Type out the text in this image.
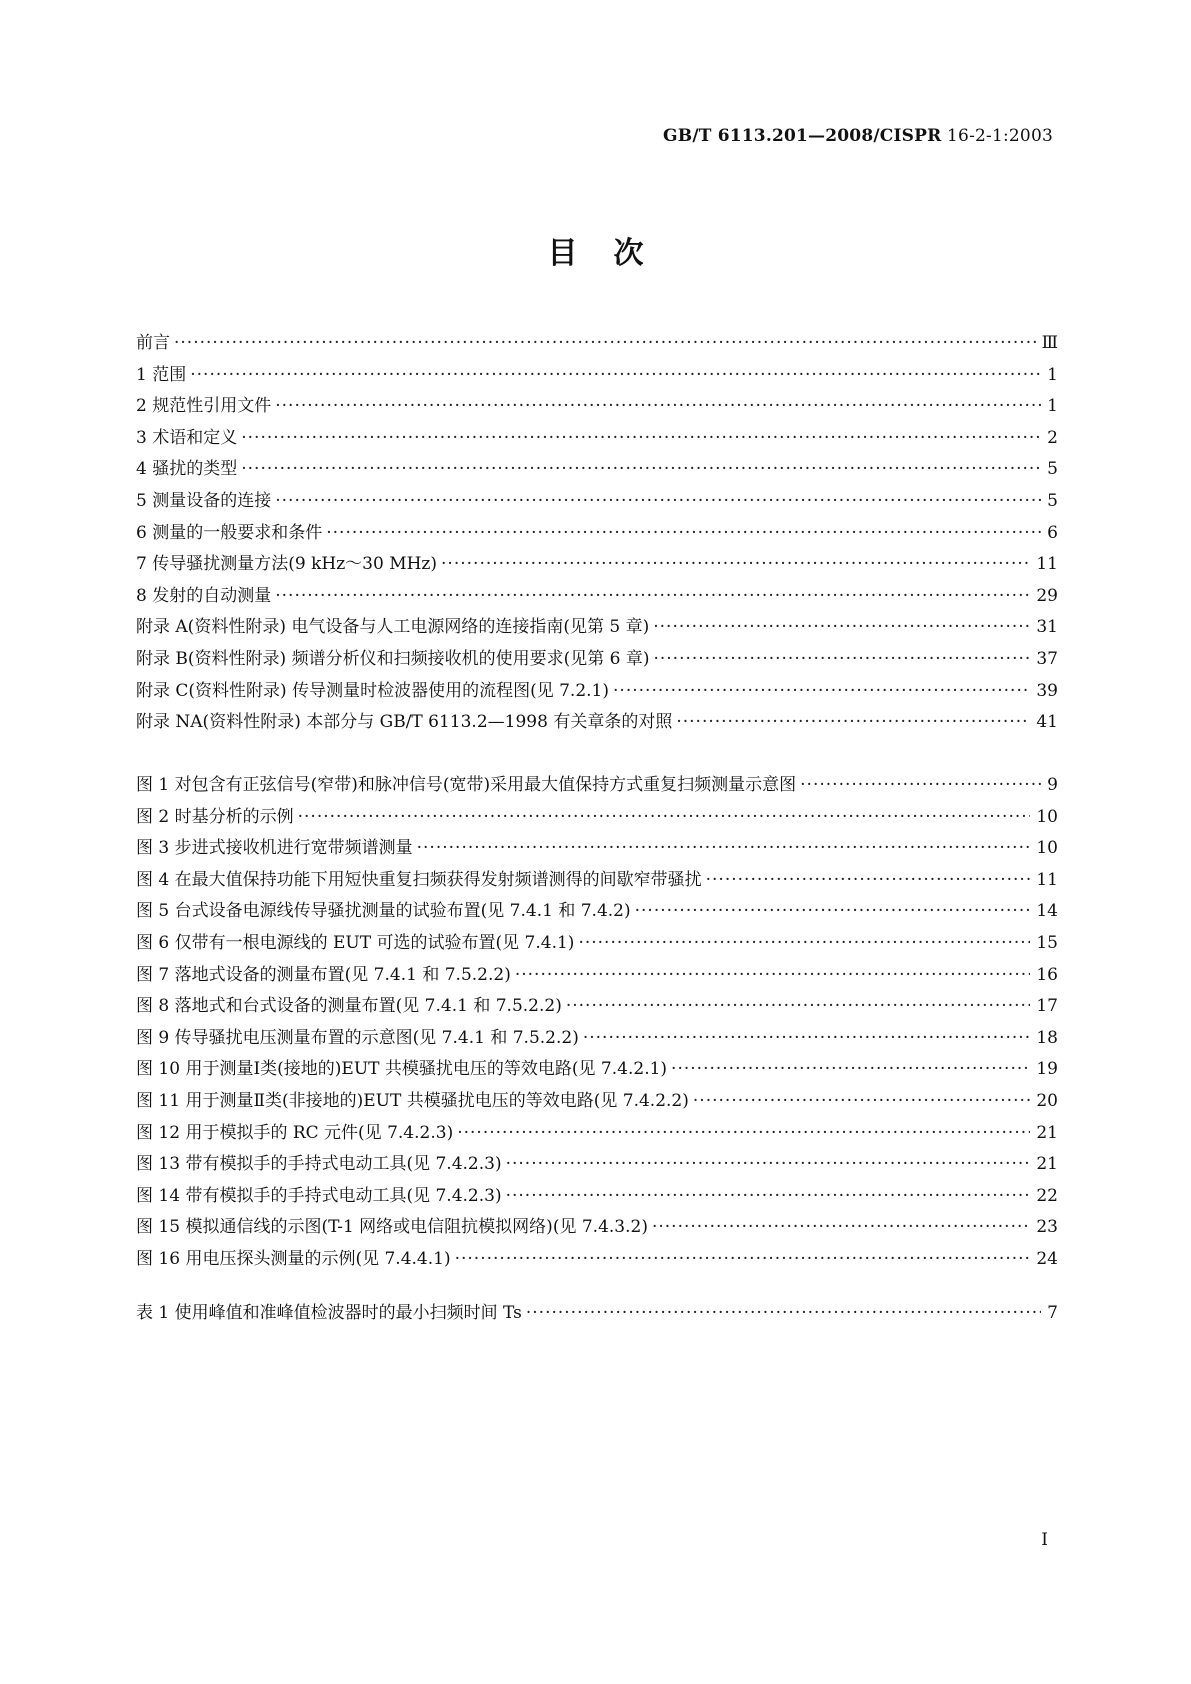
GB/T 6113.201—2008/CISPR 16-2-1:2003
目次
前言 ·····	Ⅲ
1 范围 ·····	1
2 规范性引用文件 ·····	1
3 术语和定义 ·····	2
4 骚扰的类型 ·····	5
5 测量设备的连接 ·····	5
6 测量的一般要求和条件 ·····	6
7 传导骚扰测量方法(9 kHz～30 MHz) ·····	11
8 发射的自动测量 ·····	29
附录 A(资料性附录) 电气设备与人工电源网络的连接指南(见第 5 章) ·····	31
附录 B(资料性附录) 频谱分析仪和扫频接收机的使用要求(见第 6 章) ·····	37
附录 C(资料性附录) 传导测量时检波器使用的流程图(见 7.2.1) ·····	39
附录 NA(资料性附录) 本部分与 GB/T 6113.2—1998 有关章条的对照 ·····	41
图 1 对包含有正弦信号(窄带)和脉冲信号(宽带)采用最大值保持方式重复扫频测量示意图 ·····	9
图 2 时基分析的示例 ·····	10
图 3 步进式接收机进行宽带频谱测量 ·····	10
图 4 在最大值保持功能下用短快重复扫频获得发射频谱测得的间歇窄带骚扰 ·····	11
图 5 台式设备电源线传导骚扰测量的试验布置(见 7.4.1 和 7.4.2) ·····	14
图 6 仅带有一根电源线的 EUT 可选的试验布置(见 7.4.1) ·····	15
图 7 落地式设备的测量布置(见 7.4.1 和 7.5.2.2) ·····	16
图 8 落地式和台式设备的测量布置(见 7.4.1 和 7.5.2.2) ·····	17
图 9 传导骚扰电压测量布置的示意图(见 7.4.1 和 7.5.2.2) ·····	18
图 10 用于测量Ⅰ类(接地的)EUT 共模骚扰电压的等效电路(见 7.4.2.1) ·····	19
图 11 用于测量Ⅱ类(非接地的)EUT 共模骚扰电压的等效电路(见 7.4.2.2) ·····	20
图 12 用于模拟手的 RC 元件(见 7.4.2.3) ·····	21
图 13 带有模拟手的手持式电动工具(见 7.4.2.3) ·····	21
图 14 带有模拟手的手持式电动工具(见 7.4.2.3) ·····	22
图 15 模拟通信线的示图(T-1 网络或电信阻抗模拟网络)(见 7.4.3.2) ·····	23
图 16 用电压探头测量的示例(见 7.4.4.1) ·····	24
表 1 使用峰值和准峰值检波器时的最小扫频时间 Ts ·····	7
I
